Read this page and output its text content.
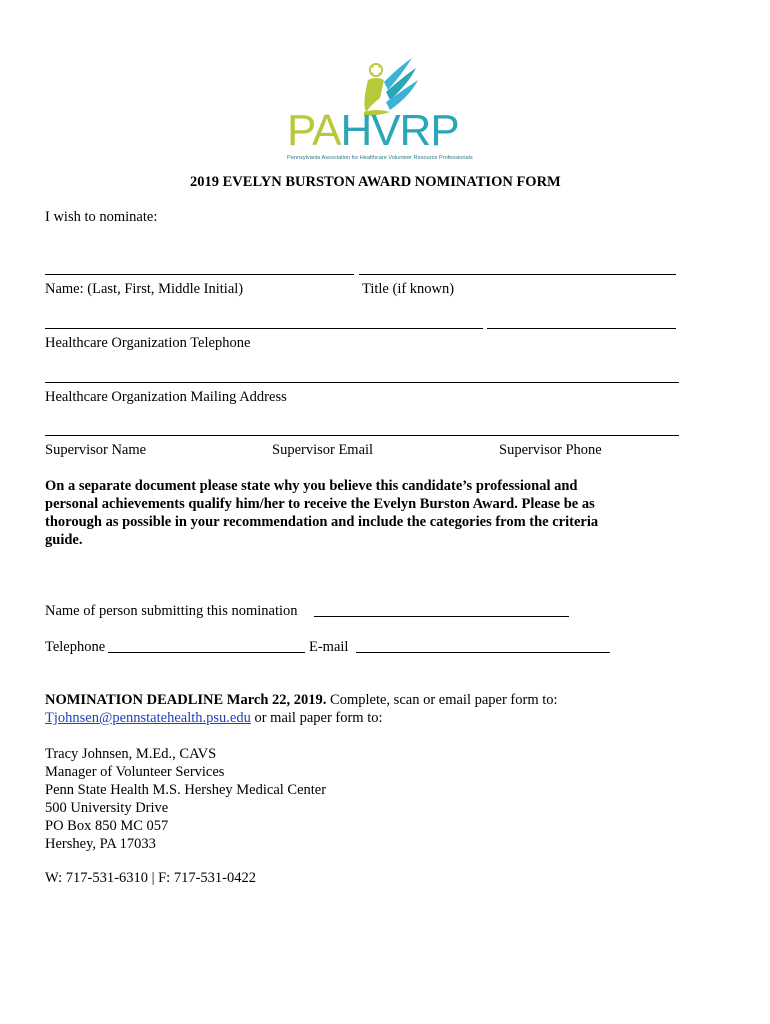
PAHVRP
Pennsylvania Association for Healthcare Volunteer Resource Professionals
2019 EVELYN BURSTON AWARD NOMINATION FORM
I wish to nominate:
Name: (Last, First, Middle Initial)	Title (if known)
Healthcare Organization Telephone
Healthcare Organization Mailing Address
Supervisor Name	Supervisor Email	Supervisor Phone
On a separate document please state why you believe this candidate’s professional and personal achievements qualify him/her to receive the Evelyn Burston Award. Please be as thorough as possible in your recommendation and include the categories from the criteria guide.
Name of person submitting this nomination
Telephone	E-mail
NOMINATION DEADLINE March 22, 2019. Complete, scan or email paper form to:
Tjohnsen@pennstatehealth.psu.edu or mail paper form to:
Tracy Johnsen, M.Ed., CAVS
Manager of Volunteer Services
Penn State Health M.S. Hershey Medical Center
500 University Drive
PO Box 850 MC 057
Hershey, PA 17033
W: 717-531-6310 | F: 717-531-0422
